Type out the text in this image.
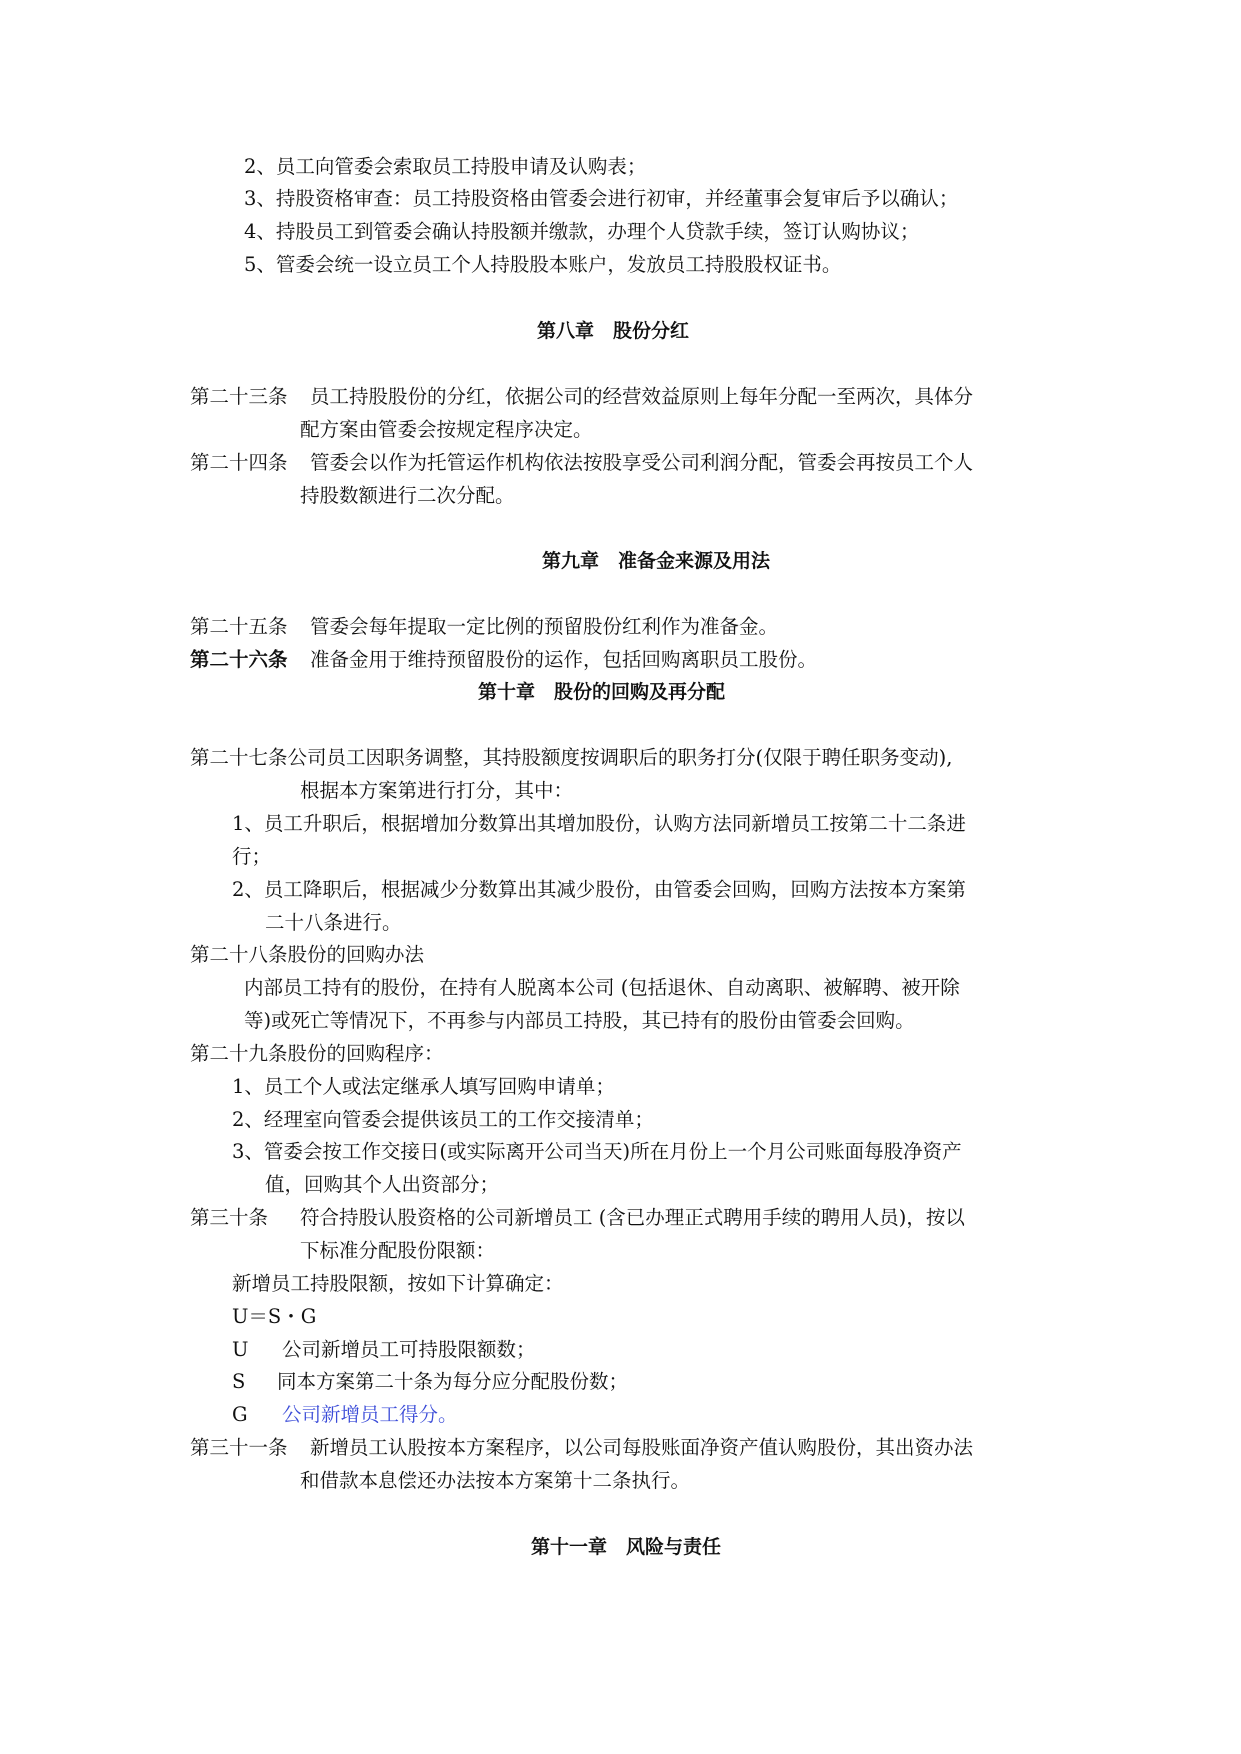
2、员工向管委会索取员工持股申请及认购表；
3、持股资格审查：员工持股资格由管委会进行初审，并经董事会复审后予以确认；
4、持股员工到管委会确认持股额并缴款，办理个人贷款手续，签订认购协议；
5、管委会统一设立员工个人持股股本账户，发放员工持股股权证书。
第八章　股份分红
第二十三条 员工持股股份的分红，依据公司的经营效益原则上每年分配一至两次，具体分
配方案由管委会按规定程序决定。
第二十四条 管委会以作为托管运作机构依法按股享受公司利润分配，管委会再按员工个人
持股数额进行二次分配。
第九章　准备金来源及用法
第二十五条 管委会每年提取一定比例的预留股份红利作为准备金。
第二十六条 准备金用于维持预留股份的运作，包括回购离职员工股份。
第十章　股份的回购及再分配
第二十七条公司员工因职务调整，其持股额度按调职后的职务打分(仅限于聘任职务变动),
根据本方案第进行打分，其中：
1、员工升职后，根据增加分数算出其增加股份，认购方法同新增员工按第二十二条进
行；
2、员工降职后，根据减少分数算出其减少股份，由管委会回购，回购方法按本方案第
二十八条进行。
第二十八条股份的回购办法
内部员工持有的股份，在持有人脱离本公司 (包括退休、自动离职、被解聘、被开除
等)或死亡等情况下，不再参与内部员工持股，其已持有的股份由管委会回购。
第二十九条股份的回购程序：
1、员工个人或法定继承人填写回购申请单；
2、经理室向管委会提供该员工的工作交接清单；
3、管委会按工作交接日(或实际离开公司当天)所在月份上一个月公司账面每股净资产
值，回购其个人出资部分；
第三十条 符合持股认股资格的公司新增员工 (含已办理正式聘用手续的聘用人员)，按以
下标准分配股份限额：
新增员工持股限额，按如下计算确定：
U＝S・G
U 公司新增员工可持股限额数；
S 同本方案第二十条为每分应分配股份数；
G 公司新增员工得分。
第三十一条 新增员工认股按本方案程序，以公司每股账面净资产值认购股份，其出资办法
和借款本息偿还办法按本方案第十二条执行。
第十一章　风险与责任
